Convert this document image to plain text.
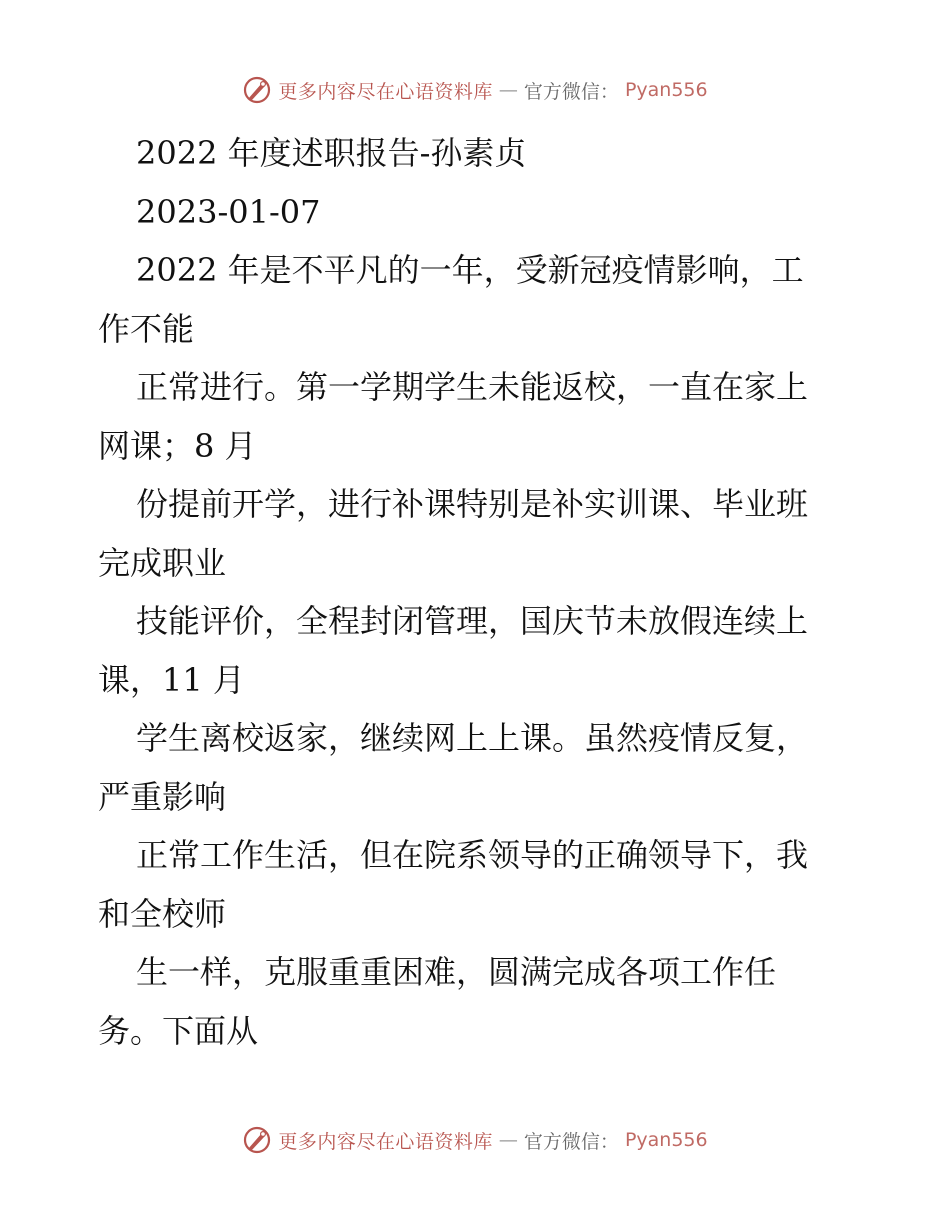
更多内容尽在心语资料库 — 官方微信： Pyan556
2022 年度述职报告-孙素贞
2023-01-07
2022 年是不平凡的一年，受新冠疫情影响，工
作不能
正常进行。第一学期学生未能返校，一直在家上
网课；8 月
份提前开学，进行补课特别是补实训课、毕业班
完成职业
技能评价，全程封闭管理，国庆节未放假连续上
课，11 月
学生离校返家，继续网上上课。虽然疫情反复，
严重影响
正常工作生活，但在院系领导的正确领导下，我
和全校师
生一样，克服重重困难，圆满完成各项工作任
务。下面从
更多内容尽在心语资料库 — 官方微信： Pyan556
